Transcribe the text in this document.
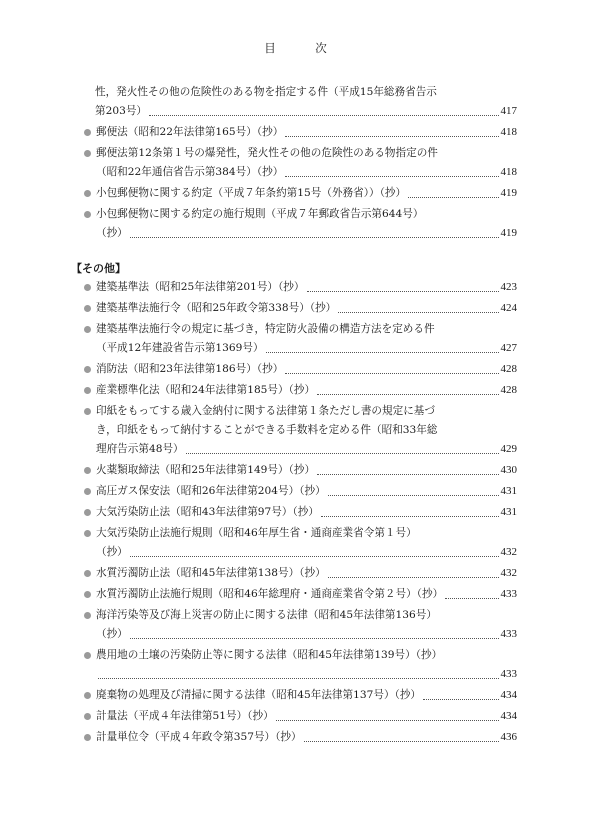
目　次
性，発火性その他の危険性のある物を指定する件（平成15年総務省告示
第203号）	417
郵便法（昭和22年法律第165号）（抄）	418
郵便法第12条第１号の爆発性，発火性その他の危険性のある物指定の件
（昭和22年通信省告示第384号）（抄）	418
小包郵便物に関する約定（平成７年条約第15号（外務省））（抄）	419
小包郵便物に関する約定の施行規則（平成７年郵政省告示第644号）
（抄）	419
【その他】
建築基準法（昭和25年法律第201号）（抄）	423
建築基準法施行令（昭和25年政令第338号）（抄）	424
建築基準法施行令の規定に基づき，特定防火設備の構造方法を定める件
（平成12年建設省告示第1369号）	427
消防法（昭和23年法律第186号）（抄）	428
産業標準化法（昭和24年法律第185号）（抄）	428
印紙をもってする歳入金納付に関する法律第１条ただし書の規定に基づ
き，印紙をもって納付することができる手数料を定める件（昭和33年総
理府告示第48号）	429
火薬類取締法（昭和25年法律第149号）（抄）	430
高圧ガス保安法（昭和26年法律第204号）（抄）	431
大気汚染防止法（昭和43年法律第97号）（抄）	431
大気汚染防止法施行規則（昭和46年厚生省・通商産業省令第１号）
（抄）	432
水質汚濁防止法（昭和45年法律第138号）（抄）	432
水質汚濁防止法施行規則（昭和46年総理府・通商産業省令第２号）（抄）	433
海洋汚染等及び海上災害の防止に関する法律（昭和45年法律第136号）
（抄）	433
農用地の土壌の汚染防止等に関する法律（昭和45年法律第139号）（抄）
433
廃棄物の処理及び清掃に関する法律（昭和45年法律第137号）（抄）	434
計量法（平成４年法律第51号）（抄）	434
計量単位令（平成４年政令第357号）（抄）	436
